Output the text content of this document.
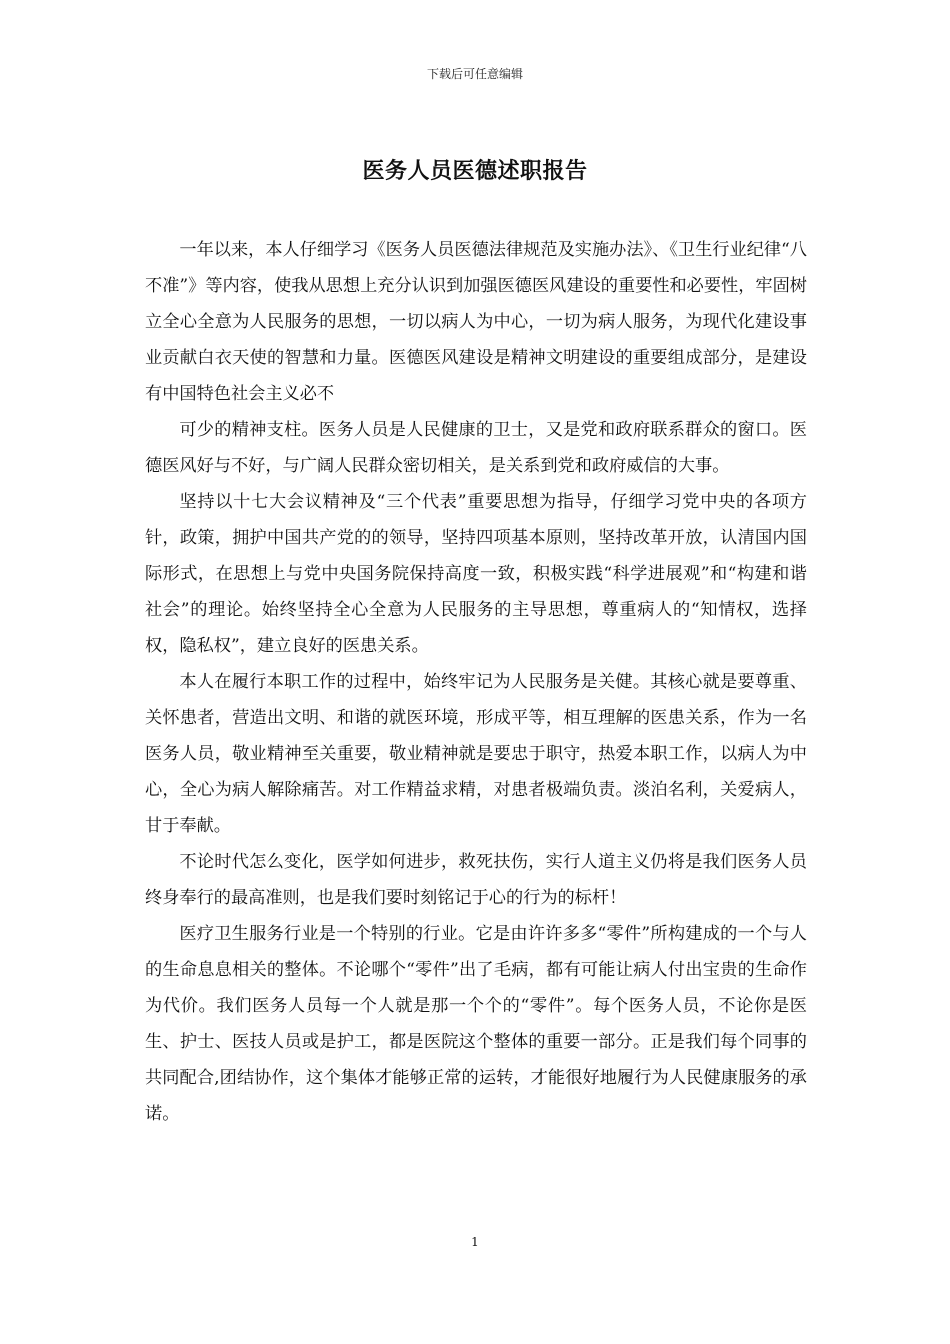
下载后可任意编辑
医务人员医德述职报告

一年以来，本人仔细学习《医务人员医德法律规范及实施办法》、《卫生行业纪律“八不准”》等内容，使我从思想上充分认识到加强医德医风建设的重要性和必要性，牢固树立全心全意为人民服务的思想，一切以病人为中心，一切为病人服务，为现代化建设事业贡献白衣天使的智慧和力量。医德医风建设是精神文明建设的重要组成部分，是建设有中国特色社会主义必不

可少的精神支柱。医务人员是人民健康的卫士，又是党和政府联系群众的窗口。医德医风好与不好，与广阔人民群众密切相关，是关系到党和政府威信的大事。

坚持以十七大会议精神及“三个代表”重要思想为指导，仔细学习党中央的各项方针，政策，拥护中国共产党的的领导，坚持四项基本原则，坚持改革开放，认清国内国际形式，在思想上与党中央国务院保持高度一致，积极实践“科学进展观”和“构建和谐社会”的理论。始终坚持全心全意为人民服务的主导思想，尊重病人的“知情权，选择权，隐私权”，建立良好的医患关系。

本人在履行本职工作的过程中，始终牢记为人民服务是关健。其核心就是要尊重、关怀患者，营造出文明、和谐的就医环境，形成平等，相互理解的医患关系，作为一名医务人员，敬业精神至关重要，敬业精神就是要忠于职守，热爱本职工作，以病人为中心，全心为病人解除痛苦。对工作精益求精，对患者极端负责。淡泊名利，关爱病人，甘于奉献。

不论时代怎么变化，医学如何进步，救死扶伤，实行人道主义仍将是我们医务人员终身奉行的最高准则，也是我们要时刻铭记于心的行为的标杆！

医疗卫生服务行业是一个特别的行业。它是由许许多多“零件”所构建成的一个与人的生命息息相关的整体。不论哪个“零件”出了毛病，都有可能让病人付出宝贵的生命作为代价。我们医务人员每一个人就是那一个个的“零件”。每个医务人员，不论你是医生、护士、医技人员或是护工，都是医院这个整体的重要一部分。正是我们每个同事的共同配合,团结协作，这个集体才能够正常的运转，才能很好地履行为人民健康服务的承诺。

1
